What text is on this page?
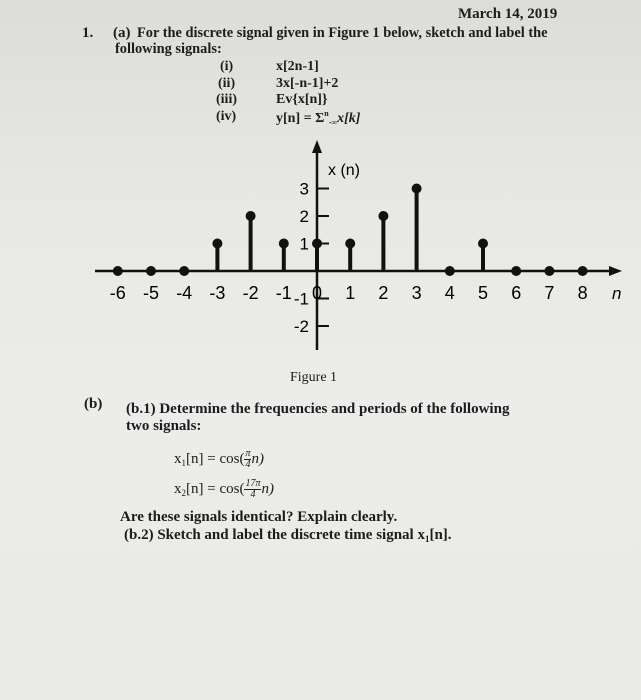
March 14, 2019
1. (a) For the discrete signal given in Figure 1 below, sketch and label the
following signals:
(i)	x[2n-1]
(ii)	3x[-n-1]+2
(iii)	Ev{x[n]}
(iv)	$y[n] = \Sigma^n_{-\infty}x[k]$
-6 -5 -4 -3 -2 -1 0 1 2 3 4 5 6 7 8
3
2
1
-1
-2
n
x (n)
Figure 1
(b) (b.1) Determine the frequencies and periods of the following
two signals:
$x_1[n] = \cos( \frac{\pi}{4} n)$
$x_2[n] = \cos( \frac{17\pi}{4} n)$
Are these signals identical? Explain clearly.
(b.2) Sketch and label the discrete time signal $x_1[n]$.
